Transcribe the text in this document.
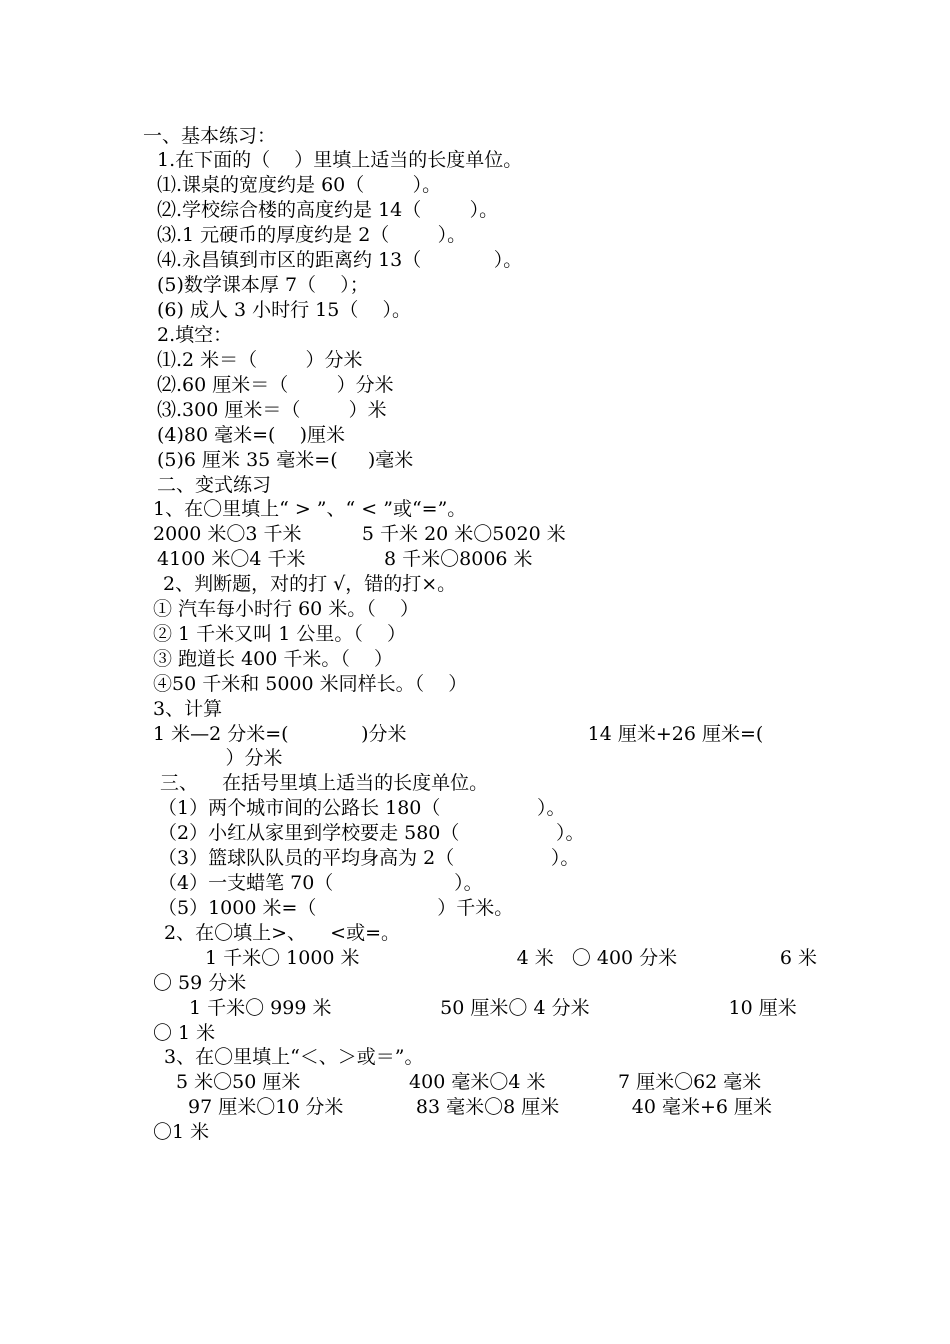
一、基本练习：

1.在下面的（    ）里填上适当的长度单位。

⑴.课桌的宽度约是 60（        ）。

⑵.学校综合楼的高度约是 14（        ）。

⑶.1 元硬币的厚度约是 2（        ）。

⑷.永昌镇到市区的距离约 13（            ）。

(5)数学课本厚 7（    ）；

(6) 成人 3 小时行 15（    ）。

2.填空：

⑴.2 米＝（        ）分米

⑵.60 厘米＝（        ）分米

⑶.300 厘米＝（        ）米

(4)80 毫米=(    )厘米

(5)6 厘米 35 毫米=(     )毫米

二、变式练习

1、在〇里填上“ > ”、“ < ”或“=”。

2000 米〇3 千米          5 千米 20 米〇5020 米

4100 米〇4 千米             8 千米〇8006 米

2、判断题，对的打 √，错的打×。

① 汽车每小时行 60 米。（    ）

② 1 千米又叫 1 公里。（    ）

③ 跑道长 400 千米。（    ）

④50 千米和 5000 米同样长。（    ）

3、计算

1 米—2 分米=(            )分米                              14 厘米+26 厘米=(

）分米

三、    在括号里填上适当的长度单位。

（1）两个城市间的公路长 180（                ）。

（2）小红从家里到学校要走 580（                ）。

（3）篮球队队员的平均身高为 2（                ）。

（4）一支蜡笔 70（                    ）。

（5）1000 米=（                    ）千米。

2、在〇填上>、    <或=。

1 千米〇 1000 米                          4 米   〇 400 分米                 6 米

〇 59 分米

1 千米〇 999 米                  50 厘米〇 4 分米                       10 厘米

〇 1 米

3、在〇里填上“＜、＞或＝”。

5 米〇50 厘米                  400 毫米〇4 米            7 厘米〇62 毫米

97 厘米〇10 分米            83 毫米〇8 厘米            40 毫米+6 厘米

〇1 米
